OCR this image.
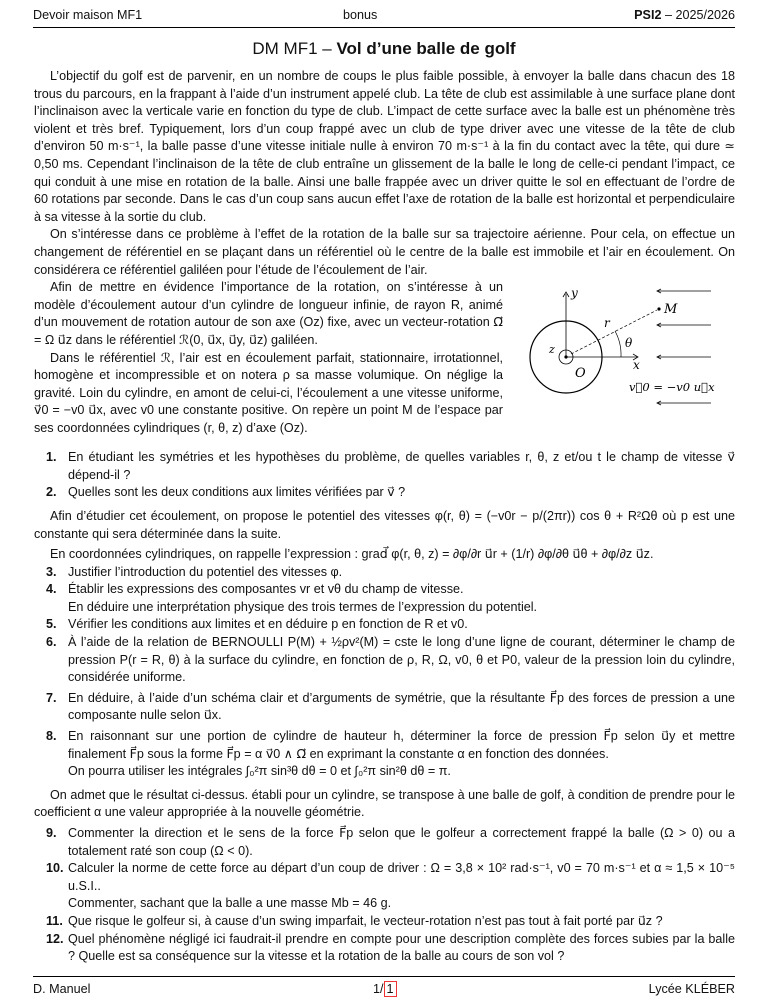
Devoir maison MF1	bonus	PSI2 – 2025/2026
DM MF1 – Vol d’une balle de golf

L’objectif du golf est de parvenir, en un nombre de coups le plus faible possible, à envoyer la balle dans chacun des 18 trous du parcours, en la frappant à l’aide d’un instrument appelé club. La tête de club est assimilable à une surface plane dont l’inclinaison avec la verticale varie en fonction du type de club. L’impact de cette surface avec la balle est un phénomène très violent et très bref. Typiquement, lors d’un coup frappé avec un club de type driver avec une vitesse de la tête de club d’environ 50 m·s⁻¹, la balle passe d’une vitesse initiale nulle à environ 70 m·s⁻¹ à la fin du contact avec la tête, qui dure ≃ 0,50 ms. Cependant l’inclinaison de la tête de club entraîne un glissement de la balle le long de celle-ci pendant l’impact, ce qui conduit à une mise en rotation de la balle. Ainsi une balle frappée avec un driver quitte le sol en effectuant de l’ordre de 60 rotations par seconde. Dans le cas d’un coup sans aucun effet l’axe de rotation de la balle est horizontal et perpendiculaire à sa vitesse à la sortie du club.

On s’intéresse dans ce problème à l’effet de la rotation de la balle sur sa trajectoire aérienne. Pour cela, on effectue un changement de référentiel en se plaçant dans un référentiel où le centre de la balle est immobile et l’air en écoulement. On considérera ce référentiel galiléen pour l’étude de l’écoulement de l’air.

y
M
r
θ
z
O
x
v⃗0 = −v0 u⃗x

Afin de mettre en évidence l’importance de la rotation, on s’intéresse à un modèle d’écoulement autour d’un cylindre de longueur infinie, de rayon R, animé d’un mouvement de rotation autour de son axe (Oz) fixe, avec un vecteur-rotation Ω⃗ = Ω u⃗z dans le référentiel ℛ(0, u⃗x, u⃗y, u⃗z) galiléen.

Dans le référentiel ℛ, l’air est en écoulement parfait, stationnaire, irrotationnel, homogène et incompressible et on notera ρ sa masse volumique. On néglige la gravité. Loin du cylindre, en amont de celui-ci, l’écoulement a une vitesse uniforme, v⃗0 = −v0 u⃗x, avec v0 une constante positive. On repère un point M de l’espace par ses coordonnées cylindriques (r, θ, z) d’axe (Oz).

1. En étudiant les symétries et les hypothèses du problème, de quelles variables r, θ, z et/ou t le champ de vitesse v⃗ dépend-il ?
2. Quelles sont les deux conditions aux limites vérifiées par v⃗ ?

Afin d’étudier cet écoulement, on propose le potentiel des vitesses φ(r, θ) = (−v0r − p/(2πr)) cos θ + R²Ωθ où p est une constante qui sera déterminée dans la suite.

En coordonnées cylindriques, on rappelle l’expression : grad⃗ φ(r, θ, z) = ∂φ/∂r u⃗r + (1/r) ∂φ/∂θ u⃗θ + ∂φ/∂z u⃗z.

3. Justifier l’introduction du potentiel des vitesses φ.
4. Établir les expressions des composantes vr et vθ du champ de vitesse.
En déduire une interprétation physique des trois termes de l’expression du potentiel.
5. Vérifier les conditions aux limites et en déduire p en fonction de R et v0.
6. À l’aide de la relation de BERNOULLI P(M) + ½ρv²(M) = cste le long d’une ligne de courant, déterminer le champ de pression P(r = R, θ) à la surface du cylindre, en fonction de ρ, R, Ω, v0, θ et P0, valeur de la pression loin du cylindre, considérée uniforme.
7. En déduire, à l’aide d’un schéma clair et d’arguments de symétrie, que la résultante F⃗p des forces de pression a une composante nulle selon u⃗x.
8. En raisonnant sur une portion de cylindre de hauteur h, déterminer la force de pression F⃗p selon u⃗y et mettre finalement F⃗p sous la forme F⃗p = α v⃗0 ∧ Ω⃗ en exprimant la constante α en fonction des données.
On pourra utiliser les intégrales ∫₀²π sin³θ dθ = 0 et ∫₀²π sin²θ dθ = π.

On admet que le résultat ci-dessus. établi pour un cylindre, se transpose à une balle de golf, à condition de prendre pour le coefficient α une valeur appropriée à la nouvelle géométrie.

9. Commenter la direction et le sens de la force F⃗p selon que le golfeur a correctement frappé la balle (Ω > 0) ou a totalement raté son coup (Ω < 0).
10. Calculer la norme de cette force au départ d’un coup de driver : Ω = 3,8 × 10² rad·s⁻¹, v0 = 70 m·s⁻¹ et α ≈ 1,5 × 10⁻⁵ u.S.I..
Commenter, sachant que la balle a une masse Mb = 46 g.
11. Que risque le golfeur si, à cause d’un swing imparfait, le vecteur-rotation n’est pas tout à fait porté par u⃗z ?
12. Quel phénomène négligé ici faudrait-il prendre en compte pour une description complète des forces subies par la balle ? Quelle est sa conséquence sur la vitesse et la rotation de la balle au cours de son vol ?
D. Manuel	1/ 1	Lycée KLÉBER
